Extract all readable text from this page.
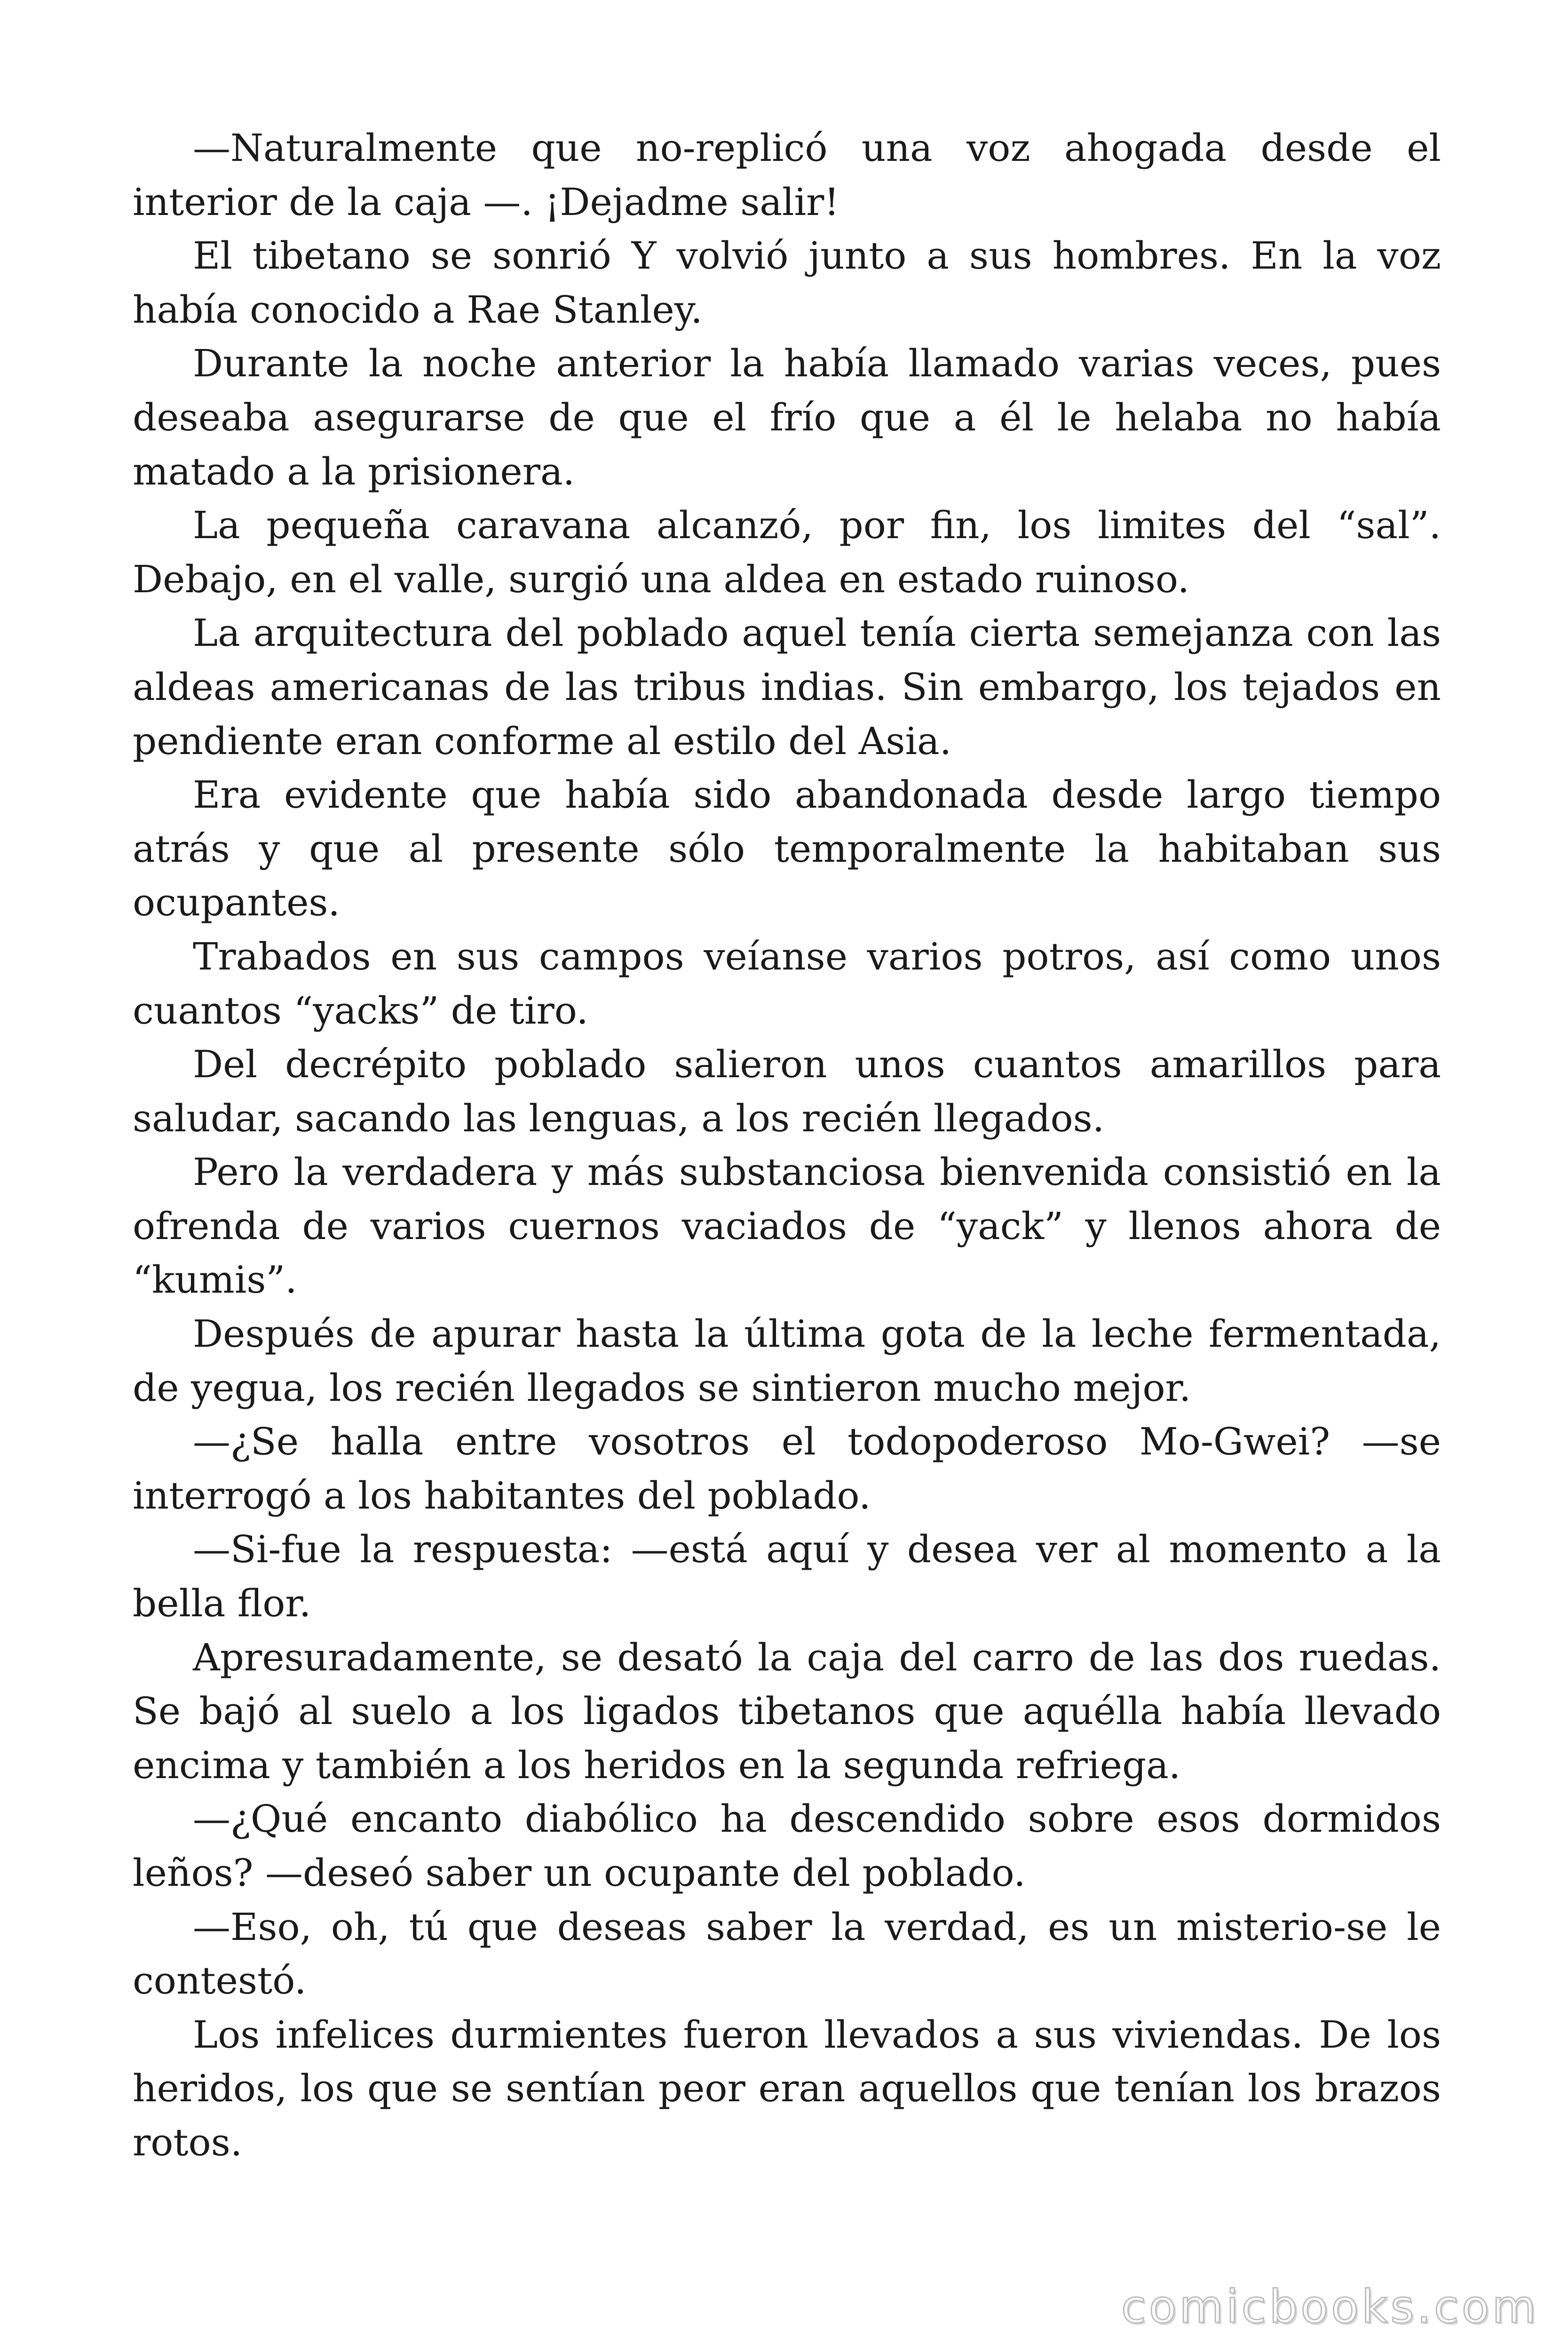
—Naturalmente que no-replicó una voz ahogada desde el interior de la caja —. ¡Dejadme salir!

El tibetano se sonrió Y volvió junto a sus hombres. En la voz había conocido a Rae Stanley.

Durante la noche anterior la había llamado varias veces, pues deseaba asegurarse de que el frío que a él le helaba no había matado a la prisionera.

La pequeña caravana alcanzó, por fin, los limites del “sal”. Debajo, en el valle, surgió una aldea en estado ruinoso.

La arquitectura del poblado aquel tenía cierta semejanza con las aldeas americanas de las tribus indias. Sin embargo, los tejados en pendiente eran conforme al estilo del Asia.

Era evidente que había sido abandonada desde largo tiempo atrás y que al presente sólo temporalmente la habitaban sus ocupantes.

Trabados en sus campos veíanse varios potros, así como unos cuantos “yacks” de tiro.

Del decrépito poblado salieron unos cuantos amarillos para saludar, sacando las lenguas, a los recién llegados.

Pero la verdadera y más substanciosa bienvenida consistió en la ofrenda de varios cuernos vaciados de “yack” y llenos ahora de “kumis”.

Después de apurar hasta la última gota de la leche fermentada, de yegua, los recién llegados se sintieron mucho mejor.

—¿Se halla entre vosotros el todopoderoso Mo-Gwei? —se interrogó a los habitantes del poblado.

—Si-fue la respuesta: —está aquí y desea ver al momento a la bella flor.

Apresuradamente, se desató la caja del carro de las dos ruedas. Se bajó al suelo a los ligados tibetanos que aquélla había llevado encima y también a los heridos en la segunda refriega.

—¿Qué encanto diabólico ha descendido sobre esos dormidos leños? —deseó saber un ocupante del poblado.

—Eso, oh, tú que deseas saber la verdad, es un misterio-se le contestó.

Los infelices durmientes fueron llevados a sus viviendas. De los heridos, los que se sentían peor eran aquellos que tenían los brazos rotos.

comicbooks.com
